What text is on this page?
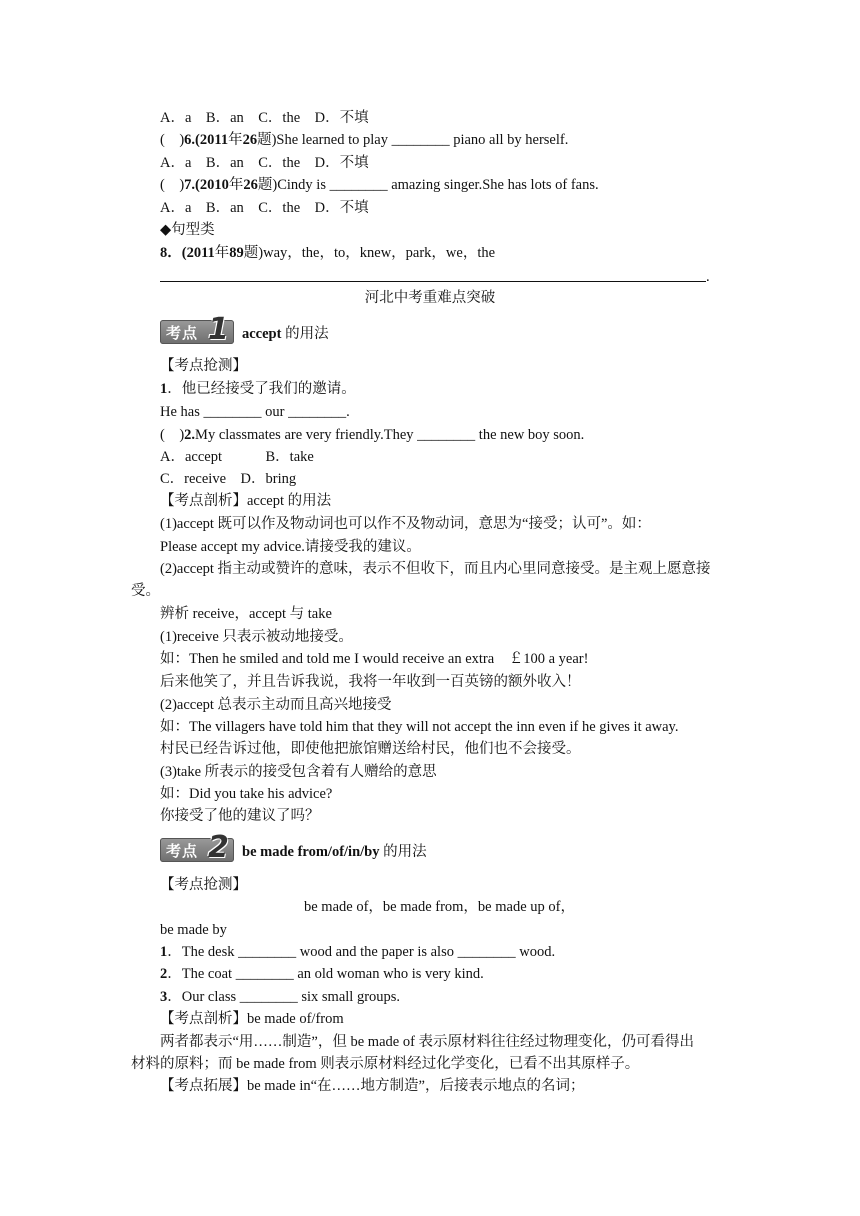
A．a　B．an　C．the　D．不填
(　)6.(2011年26题)She learned to play ________ piano all by herself.
A．a　B．an　C．the　D．不填
(　)7.(2010年26题)Cindy is ________ amazing singer.She has lots of fans.
A．a　B．an　C．the　D．不填
◆句型类
8．(2011年89题)way，the，to，knew，park，we，the
.
河北中考重难点突破
考点 1 accept 的用法
【考点抢测】
1．他已经接受了我们的邀请。
He has ________ our ________.
(　)2.My classmates are very friendly.They ________ the new boy soon.
A．accept　　　B．take
C．receive　D．bring
【考点剖析】accept 的用法
(1)accept 既可以作及物动词也可以作不及物动词，意思为“接受；认可”。如：
Please accept my advice.请接受我的建议。
(2)accept 指主动或赞许的意味，表示不但收下，而且内心里同意接受。是主观上愿意接
受。
辨析 receive，accept 与 take
(1)receive 只表示被动地接受。
如：Then he smiled and told me I would receive an extra　￡100 a year!
后来他笑了，并且告诉我说，我将一年收到一百英镑的额外收入！
(2)accept 总表示主动而且高兴地接受
如：The villagers have told him that they will not accept the inn even if he gives it away.
村民已经告诉过他，即使他把旅馆赠送给村民，他们也不会接受。
(3)take 所表示的接受包含着有人赠给的意思
如：Did you take his advice?
你接受了他的建议了吗？
考点 2 be made from/of/in/by 的用法
【考点抢测】
be made of，be made from，be made up of，
be made by
1．The desk ________ wood and the paper is also ________ wood.
2．The coat ________ an old woman who is very kind.
3．Our class ________ six small groups.
【考点剖析】be made of/from
两者都表示“用……制造”，但 be made of 表示原材料往往经过物理变化，仍可看得出
材料的原料；而 be made from 则表示原材料经过化学变化，已看不出其原样子。
【考点拓展】be made in“在……地方制造”，后接表示地点的名词；
